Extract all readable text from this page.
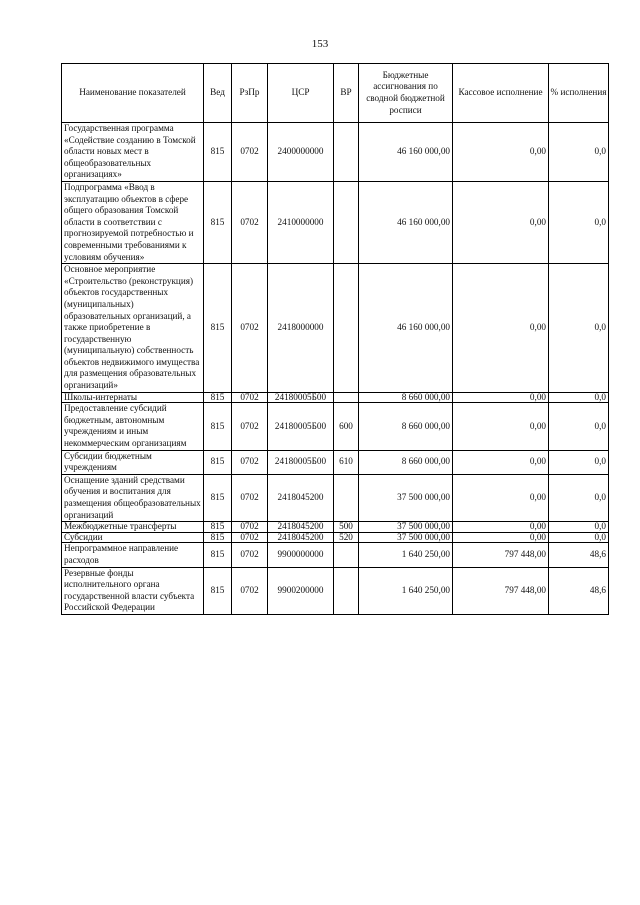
153
Наименование показателей	Вед	РзПр	ЦСР	ВР	Бюджетные ассигнования по сводной бюджетной росписи	Кассовое исполнение	% исполнения
Государственная программа «Содействие созданию в Томской области новых мест в общеобразовательных организациях»	815	0702	2400000000		46 160 000,00	0,00	0,0
Подпрограмма «Ввод в эксплуатацию объектов в сфере общего образования Томской области в соответствии с прогнозируемой потребностью и современными требованиями к условиям обучения»	815	0702	2410000000		46 160 000,00	0,00	0,0
Основное мероприятие «Строительство (реконструкция) объектов государственных (муниципальных) образовательных организаций, а также приобретение в государственную (муниципальную) собственность объектов недвижимого имущества для размещения образовательных организаций»	815	0702	2418000000		46 160 000,00	0,00	0,0
Школы-интернаты	815	0702	24180005Б00		8 660 000,00	0,00	0,0
Предоставление субсидий бюджетным, автономным учреждениям и иным некоммерческим организациям	815	0702	24180005Б00	600	8 660 000,00	0,00	0,0
Субсидии бюджетным учреждениям	815	0702	24180005Б00	610	8 660 000,00	0,00	0,0
Оснащение зданий средствами обучения и воспитания для размещения общеобразовательных организаций	815	0702	2418045200		37 500 000,00	0,00	0,0
Межбюджетные трансферты	815	0702	2418045200	500	37 500 000,00	0,00	0,0
Субсидии	815	0702	2418045200	520	37 500 000,00	0,00	0,0
Непрограммное направление расходов	815	0702	9900000000		1 640 250,00	797 448,00	48,6
Резервные фонды исполнительного органа государственной власти субъекта Российской Федерации	815	0702	9900200000		1 640 250,00	797 448,00	48,6
